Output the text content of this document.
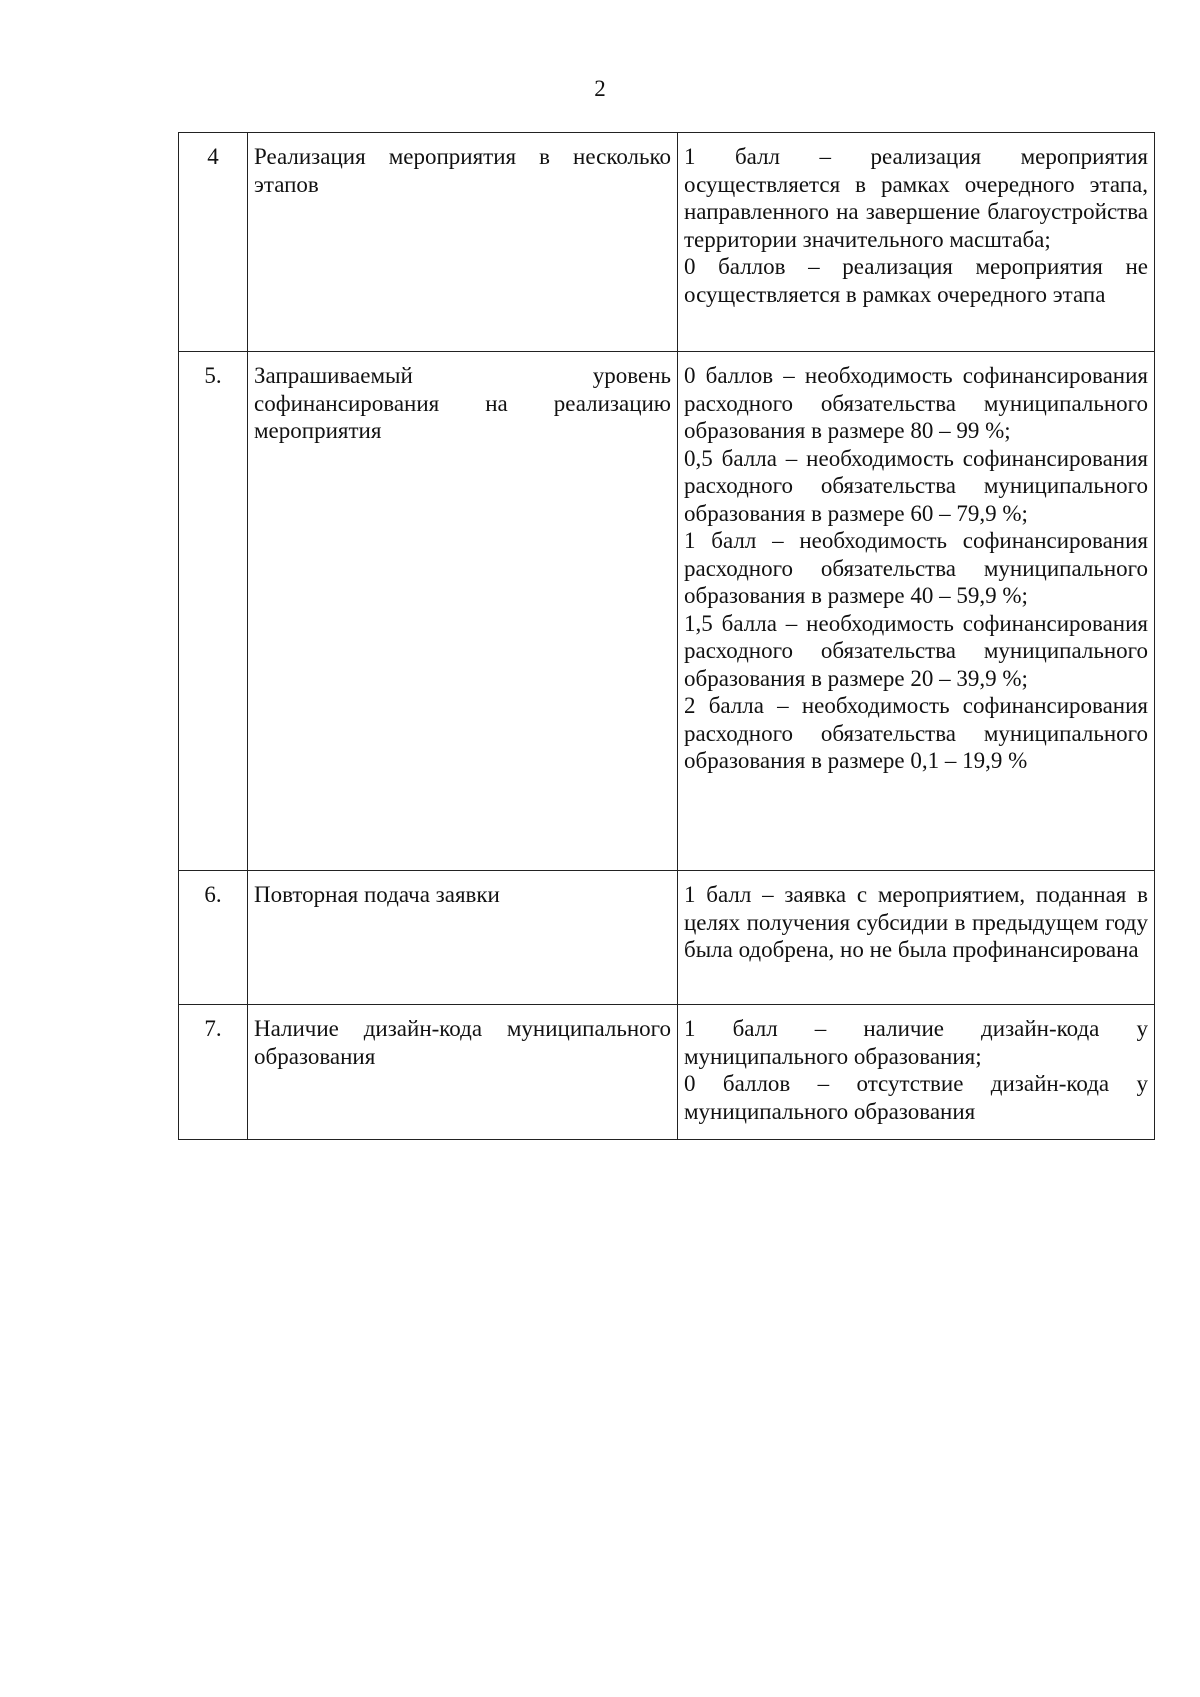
2
4	Реализация мероприятия в несколько этапов	1 балл – реализация мероприятия осуществляется в рамках очередного этапа, направленного на завершение благоустройства территории значительного масштаба;
0 баллов – реализация мероприятия не осуществляется в рамках очередного этапа

5.	Запрашиваемый уровень софинансирования на реализацию мероприятия	0 баллов – необходимость софинансирования расходного обязательства муниципального образования в размере 80 – 99 %;
0,5 балла – необходимость софинансирования расходного обязательства муниципального образования в размере 60 – 79,9 %;
1 балл – необходимость софинансирования расходного обязательства муниципального образования в размере 40 – 59,9 %;
1,5 балла – необходимость софинансирования расходного обязательства муниципального образования в размере 20 – 39,9 %;
2 балла – необходимость софинансирования расходного обязательства муниципального образования в размере 0,1 – 19,9 %

6.	Повторная подача заявки	1 балл – заявка с мероприятием, поданная в целях получения субсидии в предыдущем году была одобрена, но не была профинансирована

7.	Наличие дизайн-кода муниципального образования	1 балл – наличие дизайн-кода у муниципального образования;
0 баллов – отсутствие дизайн-кода у муниципального образования
